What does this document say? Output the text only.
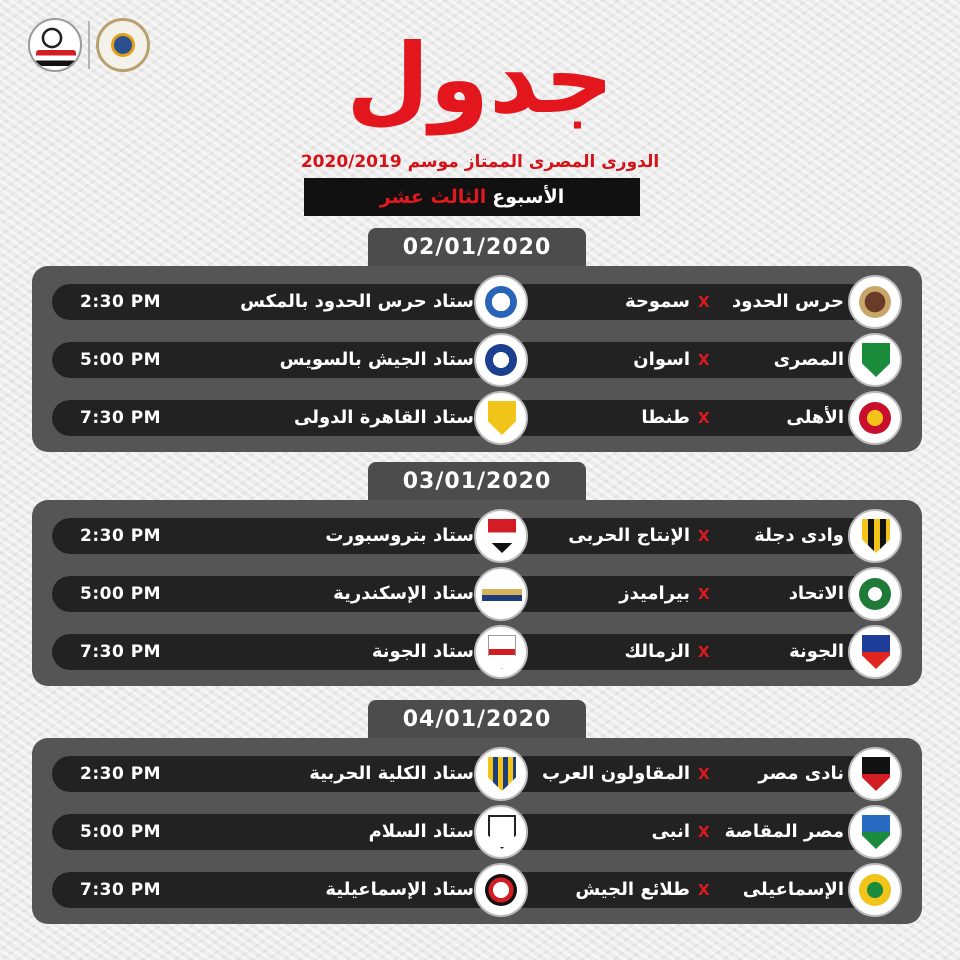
جدول
الدورى المصرى الممتاز موسم 2020/2019
الأسبوع
الثالث عشر
02/01/2020
2:30 PM	ستاد حرس الحدود بالمكس	سموحة X	حرس الحدود
5:00 PM	ستاد الجيش بالسويس	اسوان X	المصرى
7:30 PM	ستاد القاهرة الدولى	طنطا X	الأهلى
03/01/2020
2:30 PM	ستاد بتروسبورت	الإنتاج الحربى X	وادى دجلة
5:00 PM	ستاد الإسكندرية	بيراميدز X	الاتحاد
7:30 PM	ستاد الجونة	الزمالك X	الجونة
04/01/2020
2:30 PM	ستاد الكلية الحربية	المقاولون العرب X	نادى مصر
5:00 PM	ستاد السلام	انبى X مصر المقاصة
7:30 PM	ستاد الإسماعيلية	طلائع الجيش X	الإسماعيلى
